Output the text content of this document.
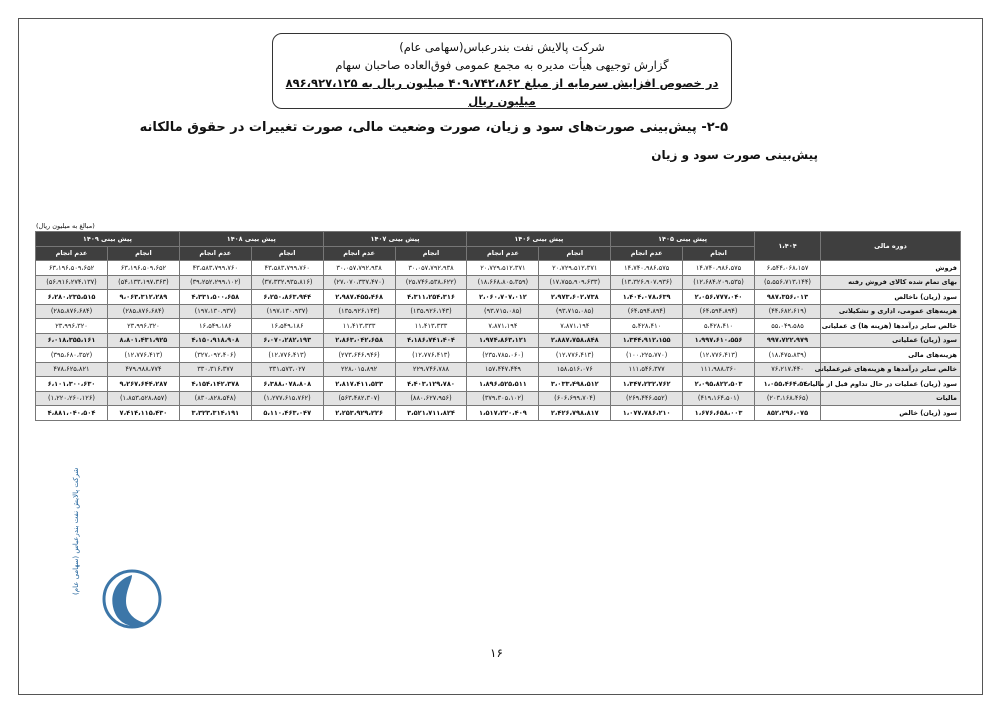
شرکت پالایش نفت بندرعباس(سهامی عام)
گزارش توجیهی هیأت مدیره به مجمع عمومی فوق‌العاده صاحبان سهام
در خصوص افزایش سرمایه از مبلغ ۴۰۹،۷۴۲،۸۶۲ میلیون ریال به ۸۹۶،۹۲۷،۱۲۵ میلیون ریال
۲-۵- پیش‌بینی صورت‌های سود و زیان، صورت وضعیت مالی، صورت تغییرات در حقوق مالکانه
پیش‌بینی صورت سود و زیان
(مبالغ به میلیون ریال)
دوره مالی	۱،۴۰۴	پیش بینی ۱۴۰۵		پیش بینی ۱۴۰۶		پیش بینی ۱۴۰۷		پیش بینی ۱۴۰۸		پیش بینی ۱۴۰۹	
		انجام	عدم انجام	انجام	عدم انجام	انجام	عدم انجام	انجام	عدم انجام	انجام	عدم انجام
فروش	۶،۵۴۴،۰۶۸،۱۵۷	۱۴،۷۴۰،۹۸۶،۵۷۵	۱۴،۷۴۰،۹۸۶،۵۷۵	۲۰،۷۲۹،۵۱۲،۳۷۱	۲۰،۷۲۹،۵۱۲،۳۷۱	۳۰،۰۵۷،۷۹۲،۹۳۸	۳۰،۰۵۷،۷۹۲،۹۳۸	۴۳،۵۸۳،۷۹۹،۷۶۰	۴۳،۵۸۳،۷۹۹،۷۶۰	۶۳،۱۹۶،۵۰۹،۶۵۲	۶۳،۱۹۶،۵۰۹،۶۵۲
بهای تمام شده کالای فروش رفته	(۵،۵۵۶،۷۱۳،۱۴۴)	(۱۲،۶۸۴،۲۰۹،۵۳۵)	(۱۳،۳۲۶،۹۰۷،۹۳۶)	(۱۷،۷۵۵،۹۰۹،۶۳۳)	(۱۸،۶۶۸،۸۰۵،۳۵۹)	(۲۵،۷۴۶،۵۳۸،۶۲۲)	(۲۷،۰۷۰،۳۳۷،۴۷۰)	(۳۷،۳۳۲،۹۳۵،۸۱۶)	(۳۹،۲۵۲،۲۹۹،۱۰۲)	(۵۴،۱۳۳،۱۹۷،۳۶۳)	(۵۶،۹۱۶،۲۷۴،۱۳۷)
سود (زیان) ناخالص	۹۸۷،۳۵۶،۰۱۳	۲،۰۵۶،۷۷۷،۰۴۰	۱،۴۰۴،۰۷۸،۶۳۹	۲،۹۷۳،۶۰۲،۷۳۸	۲،۰۶۰،۷۰۷،۰۱۲	۴،۳۱۱،۲۵۴،۳۱۶	۲،۹۸۷،۴۵۵،۴۶۸	۶،۲۵۰،۸۶۳،۹۴۴	۴،۳۳۱،۵۰۰،۶۵۸	۹،۰۶۳،۳۱۲،۲۸۹	۶،۲۸۰،۲۳۵،۵۱۵
هزینه‌های عمومی، اداری و تشکیلاتی	(۴۴،۶۸۲،۶۱۹)	(۶۴،۵۹۴،۸۹۴)	(۶۴،۵۹۴،۸۹۴)	(۹۳،۷۱۵،۰۸۵)	(۹۳،۷۱۵،۰۸۵)	(۱۳۵،۹۲۶،۱۴۳)	(۱۳۵،۹۲۶،۱۴۳)	(۱۹۷،۱۳۰،۹۳۷)	(۱۹۷،۱۳۰،۹۳۷)	(۲۸۵،۸۷۶،۶۸۴)	(۲۸۵،۸۷۶،۶۸۴)
خالص سایر درآمدها (هزینه ها) ی عملیاتی	۵۵،۰۴۹،۵۸۵	۵،۴۲۸،۴۱۰	۵،۴۲۸،۴۱۰	۷،۸۷۱،۱۹۴	۷،۸۷۱،۱۹۴	۱۱،۴۱۳،۳۳۳	۱۱،۴۱۳،۳۳۳	۱۶،۵۴۹،۱۸۶	۱۶،۵۴۹،۱۸۶	۲۳،۹۹۶،۳۲۰	۲۳،۹۹۶،۳۲۰
سود (زیان) عملیاتی	۹۹۷،۷۲۲،۹۷۹	۱،۹۹۷،۶۱۰،۵۵۶	۱،۳۴۴،۹۱۲،۱۵۵	۲،۸۸۷،۷۵۸،۸۴۸	۱،۹۷۴،۸۶۳،۱۲۱	۴،۱۸۶،۷۴۱،۴۰۴	۲،۸۶۳،۰۴۲،۶۵۸	۶،۰۷۰،۲۸۲،۱۹۳	۴،۱۵۰،۹۱۸،۹۰۸	۸،۸۰۱،۴۳۱،۹۲۵	۶،۰۱۸،۳۵۵،۱۶۱
هزینه‌های مالی	(۱۸،۴۷۵،۸۳۹)	(۱۲،۷۷۶،۴۱۳)	(۱۰۰،۲۲۵،۷۷۰)	(۱۲،۷۷۶،۴۱۳)	(۲۳۵،۷۸۵،۰۶۰)	(۱۲،۷۷۶،۴۱۳)	(۲۷۳،۶۴۶،۹۴۶)	(۱۲،۷۷۶،۴۱۳)	(۳۲۷،۰۹۲،۴۰۶)	(۱۲،۷۷۶،۴۱۳)	(۳۹۵،۶۸۰،۳۵۲)
خالص سایر درآمدها و هزینه‌های غیرعملیاتی	۷۶،۲۱۷،۴۴۰	۱۱۱،۹۸۸،۳۶۰	۱۱۱،۵۴۶،۳۷۷	۱۵۸،۵۱۶،۰۷۶	۱۵۷،۴۴۷،۴۴۹	۲۲۹،۷۴۶،۷۸۸	۲۲۸،۰۱۵،۸۹۲	۳۳۱،۵۷۳،۰۲۷	۳۳۰،۳۱۶،۳۷۷	۴۷۹،۹۸۸،۷۷۴	۴۷۸،۶۲۵،۸۲۱
سود (زیان) عملیات در حال تداوم قبل از مالیات	۱،۰۵۵،۴۶۴،۵۴۰	۲،۰۹۵،۸۲۲،۵۰۳	۱،۳۴۷،۲۳۲،۷۶۲	۳،۰۳۳،۴۹۸،۵۱۲	۱،۸۹۶،۵۲۵،۵۱۱	۴،۴۰۳،۱۲۹،۷۸۰	۲،۸۱۷،۴۱۱،۵۳۳	۶،۳۸۸،۰۷۸،۸۰۸	۴،۱۵۴،۱۴۲،۳۷۸	۹،۲۶۷،۶۴۴،۲۸۷	۶،۱۰۱،۳۰۰،۶۳۰
مالیات	(۲۰۳،۱۶۸،۴۶۵)	(۴۱۹،۱۶۴،۵۰۱)	(۲۶۹،۴۴۶،۵۵۲)	(۶۰۶،۶۹۹،۷۰۴)	(۳۷۹،۳۰۵،۱۰۲)	(۸۸۰،۶۲۷،۹۵۶)	(۵۶۳،۴۸۲،۳۰۷)	(۱،۲۷۷،۶۱۵،۷۶۲)	(۸۳۰،۸۲۸،۵۴۸)	(۱،۸۵۳،۵۲۸،۸۵۷)	(۱،۲۲۰،۲۶۰،۱۲۶)
سود (زیان) خالص	۸۵۲،۲۹۶،۰۷۵	۱،۶۷۶،۶۵۸،۰۰۳	۱،۰۷۷،۷۸۶،۲۱۰	۲،۴۲۶،۷۹۸،۸۱۷	۱،۵۱۷،۲۲۰،۴۰۹	۳،۵۲۱،۷۱۱،۸۲۴	۲،۲۵۳،۹۲۹،۲۲۶	۵،۱۱۰،۴۶۳،۰۴۷	۳،۳۲۳،۳۱۴،۱۹۱	۷،۴۱۴،۱۱۵،۴۳۰	۴،۸۸۱،۰۴۰،۵۰۴
شرکت پالایش نفت بندرعباس (سهامی عام)
۱۶
